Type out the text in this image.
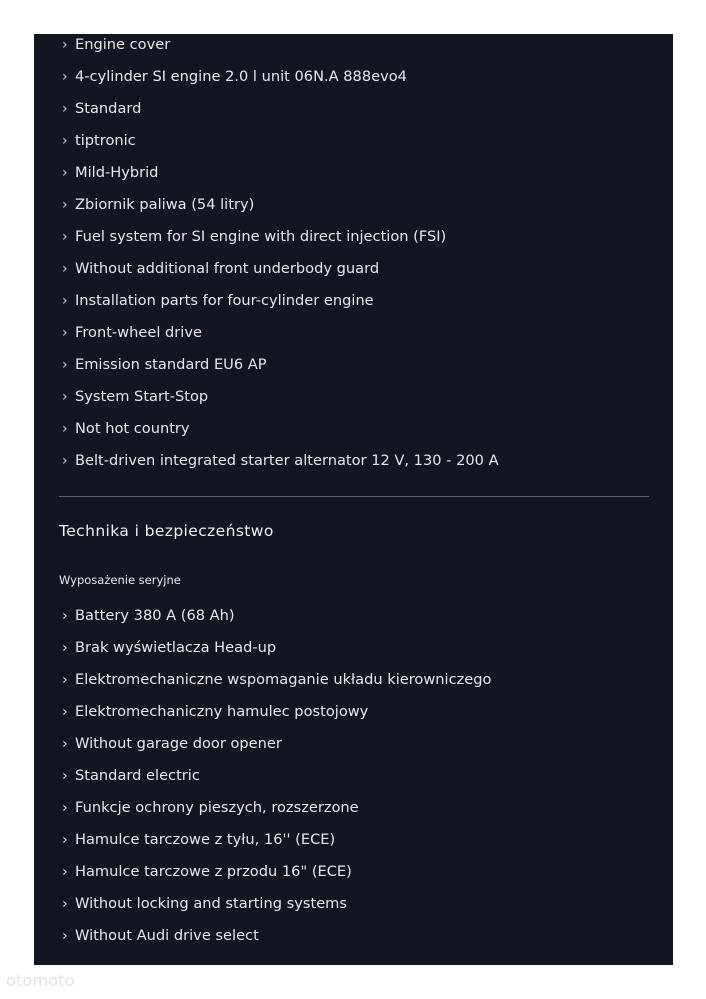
› Engine cover
› 4-cylinder SI engine 2.0 l unit 06N.A 888evo4
› Standard
› tiptronic
› Mild-Hybrid
› Zbiornik paliwa (54 litry)
› Fuel system for SI engine with direct injection (FSI)
› Without additional front underbody guard
› Installation parts for four-cylinder engine
› Front-wheel drive
› Emission standard EU6 AP
› System Start-Stop
› Not hot country
› Belt-driven integrated starter alternator 12 V, 130 - 200 A
Technika i bezpieczeństwo
Wyposażenie seryjne
› Battery 380 A (68 Ah)
› Brak wyświetlacza Head-up
› Elektromechaniczne wspomaganie układu kierowniczego
› Elektromechaniczny hamulec postojowy
› Without garage door opener
› Standard electric
› Funkcje ochrony pieszych, rozszerzone
› Hamulce tarczowe z tyłu, 16'' (ECE)
› Hamulce tarczowe z przodu 16" (ECE)
› Without locking and starting systems
› Without Audi drive select
otomoto
